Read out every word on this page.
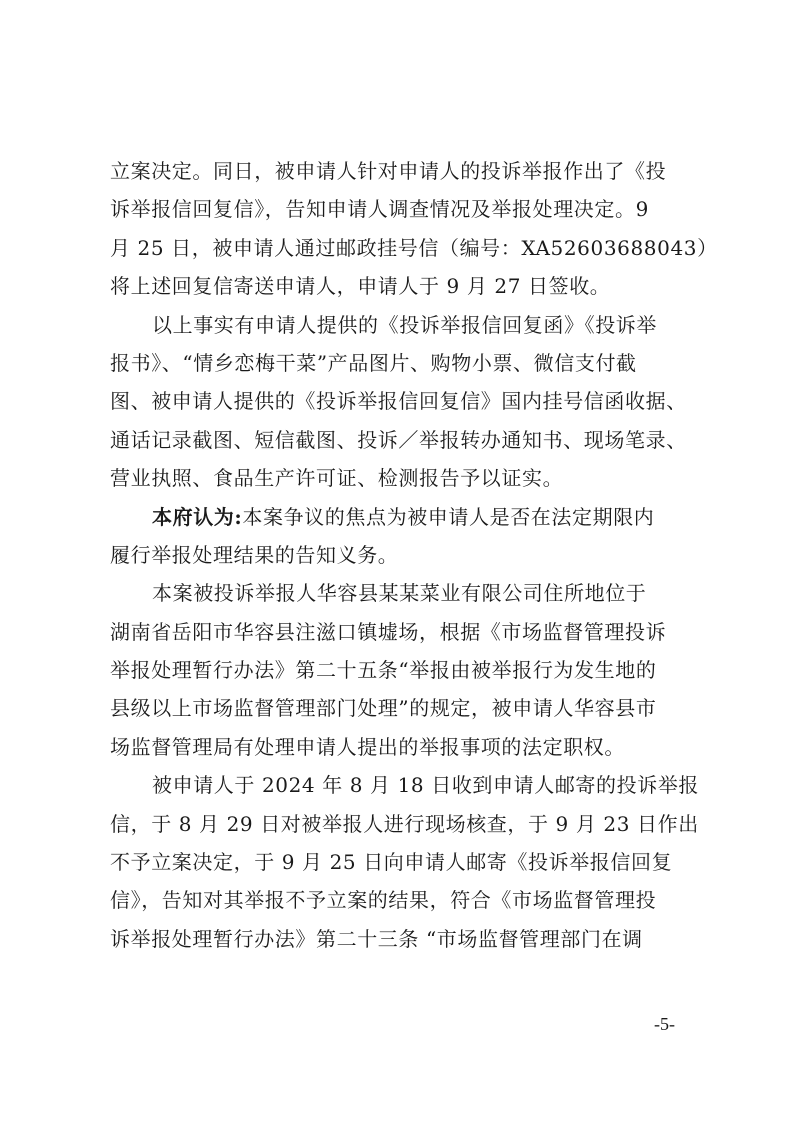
立案决定。同日，被申请人针对申请人的投诉举报作出了《投
诉举报信回复信》，告知申请人调查情况及举报处理决定。9
月 25 日，被申请人通过邮政挂号信（编号：XA52603688043）
将上述回复信寄送申请人，申请人于 9 月 27 日签收。
以上事实有申请人提供的《投诉举报信回复函》《投诉举
报书》、“情乡恋梅干菜”产品图片、购物小票、微信支付截
图、被申请人提供的《投诉举报信回复信》国内挂号信函收据、
通话记录截图、短信截图、投诉／举报转办通知书、现场笔录、
营业执照、食品生产许可证、检测报告予以证实。
本府认为:本案争议的焦点为被申请人是否在法定期限内
履行举报处理结果的告知义务。
本案被投诉举报人华容县某某菜业有限公司住所地位于
湖南省岳阳市华容县注滋口镇墟场，根据《市场监督管理投诉
举报处理暂行办法》第二十五条“举报由被举报行为发生地的
县级以上市场监督管理部门处理”的规定，被申请人华容县市
场监督管理局有处理申请人提出的举报事项的法定职权。
被申请人于 2024 年 8 月 18 日收到申请人邮寄的投诉举报
信，于 8 月 29 日对被举报人进行现场核查，于 9 月 23 日作出
不予立案决定，于 9 月 25 日向申请人邮寄《投诉举报信回复
信》，告知对其举报不予立案的结果，符合《市场监督管理投
诉举报处理暂行办法》第二十三条 “市场监督管理部门在调
-5-
